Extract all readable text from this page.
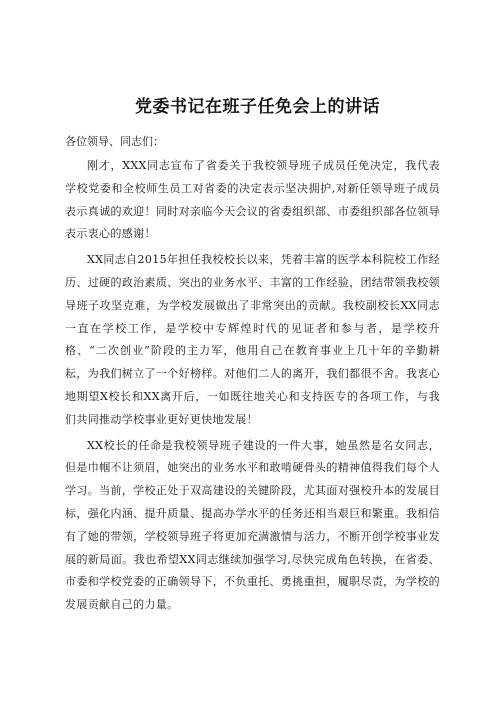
党委书记在班子任免会上的讲话

各位领导、同志们：

刚才，XXX同志宣布了省委关于我校领导班子成员任免决定，我代表学校党委和全校师生员工对省委的决定表示坚决拥护,对新任领导班子成员表示真诚的欢迎！同时对亲临今天会议的省委组织部、市委组织部各位领导表示衷心的感谢！

XX同志自2015年担任我校校长以来，凭着丰富的医学本科院校工作经历、过硬的政治素质、突出的业务水平、丰富的工作经验，团结带领我校领导班子攻坚克难，为学校发展做出了非常突出的贡献。我校副校长XX同志一直在学校工作，是学校中专辉煌时代的见证者和参与者，是学校升格、“二次创业”阶段的主力军，他用自己在教育事业上几十年的辛勤耕耘，为我们树立了一个好榜样。对他们二人的离开，我们都很不舍。我衷心地期望X校长和XX离开后，一如既往地关心和支持医专的各项工作，与我们共同推动学校事业更好更快地发展！

XX校长的任命是我校领导班子建设的一件大事，她虽然是名女同志，但是巾帼不让须眉，她突出的业务水平和敢啃硬骨头的精神值得我们每个人学习。当前，学校正处于双高建设的关键阶段，尤其面对强校升本的发展目标，强化内涵、提升质量、提高办学水平的任务还相当艰巨和繁重。我相信有了她的带领，学校领导班子将更加充满激情与活力，不断开创学校事业发展的新局面。我也希望XX同志继续加强学习,尽快完成角色转换，在省委、市委和学校党委的正确领导下，不负重托、勇挑重担，履职尽责，为学校的发展贡献自己的力量。
